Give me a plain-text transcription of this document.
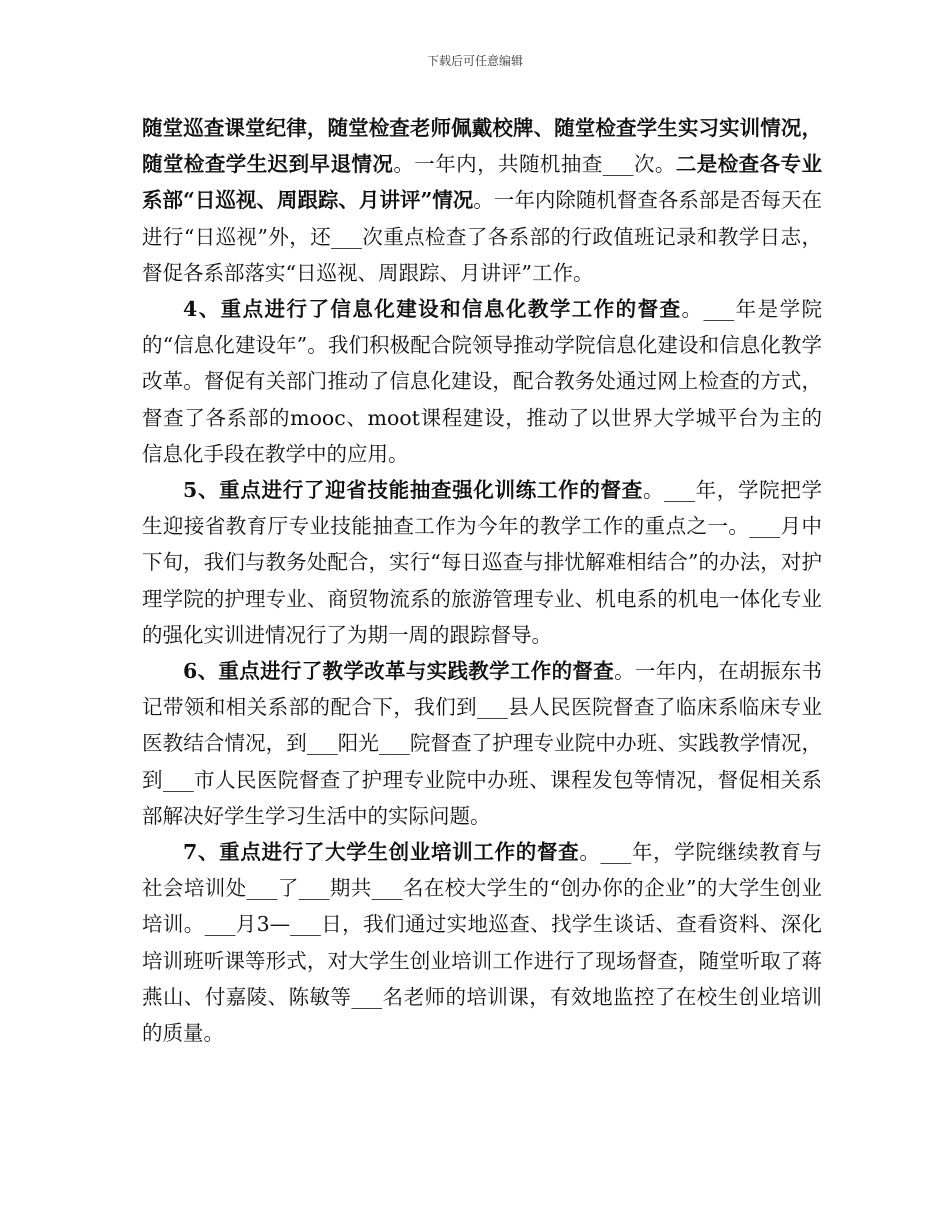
下载后可任意编辑

随堂巡查课堂纪律，随堂检查老师佩戴校牌、随堂检查学生实习实训情况，随堂检查学生迟到早退情况。一年内，共随机抽查___次。二是检查各专业系部“日巡视、周跟踪、月讲评”情况。一年内除随机督查各系部是否每天在进行“日巡视”外，还___次重点检查了各系部的行政值班记录和教学日志，督促各系部落实“日巡视、周跟踪、月讲评”工作。

4、重点进行了信息化建设和信息化教学工作的督查。___年是学院的“信息化建设年”。我们积极配合院领导推动学院信息化建设和信息化教学改革。督促有关部门推动了信息化建设，配合教务处通过网上检查的方式，督查了各系部的mooc、moot课程建设，推动了以世界大学城平台为主的信息化手段在教学中的应用。

5、重点进行了迎省技能抽查强化训练工作的督查。___年，学院把学生迎接省教育厅专业技能抽查工作为今年的教学工作的重点之一。___月中下旬，我们与教务处配合，实行“每日巡查与排忧解难相结合”的办法，对护理学院的护理专业、商贸物流系的旅游管理专业、机电系的机电一体化专业的强化实训进情况行了为期一周的跟踪督导。

6、重点进行了教学改革与实践教学工作的督查。一年内，在胡振东书记带领和相关系部的配合下，我们到___县人民医院督查了临床系临床专业医教结合情况，到___阳光___院督查了护理专业院中办班、实践教学情况，到___市人民医院督查了护理专业院中办班、课程发包等情况，督促相关系部解决好学生学习生活中的实际问题。

7、重点进行了大学生创业培训工作的督查。___年，学院继续教育与社会培训处___了___期共___名在校大学生的“创办你的企业”的大学生创业培训。___月3—___日，我们通过实地巡查、找学生谈话、查看资料、深化培训班听课等形式，对大学生创业培训工作进行了现场督查，随堂听取了蒋燕山、付嘉陵、陈敏等___名老师的培训课，有效地监控了在校生创业培训的质量。
